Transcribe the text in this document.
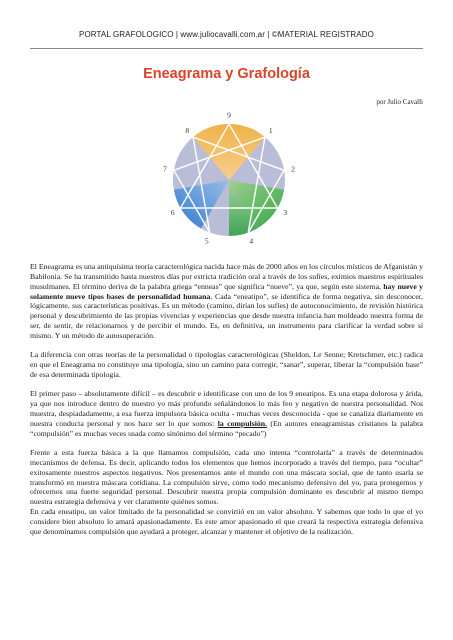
PORTAL GRAFOLOGICO | www.juliocavalli.com.ar | ©MATERIAL REGISTRADO
Eneagrama y Grafología
por Julio Cavalli
9
1
2
3
4
5
6
7
8

El Eneagrama es una antiquísima teoría caracterológica nacida hace más de 2000 años en los círculos místicos de Afganistán y Babilonia. Se ha transmitido hasta nuestros días por estricta tradición oral a través de los sufíes, eximios maestros espirituales musulmanes. El término deriva de la palabra griega “enneas” que significa “nueve”, ya que, según este sistema, hay nueve y solamente nueve tipos bases de personalidad humana. Cada “eneatipo”, se identifica de forma negativa, sin desconocer, lógicamente, sus características positivas. Es un método (camino, dirían los sufíes) de autoconocimiento, de revisión histórica personal y descubrimiento de las propias vivencias y experiencias que desde nuestra infancia han moldeado nuestra forma de ser, de sentir, de relacionarnos y de percibir el mundo. Es, en definitiva, un instrumento para clarificar la verdad sobre sí mismo. Y un método de autosuperación.

La diferencia con otras teorías de la personalidad o tipologías caracterológicas (Sheldon, Le Senne; Kretschmer, etc.) radica en que el Eneagrama no constituye una tipología, sino un camino para corregir, “sanar”, superar, liberar la “compulsión base” de esa determinada tipología.

El primer paso – absolutamente difícil – es descubrir e identificase con uno de los 9 eneatipos. Es una etapa dolorosa y árida, ya que nos introduce dentro de nuestro yo más profundo señalándonos lo más feo y negativo de nuestra personalidad. Nos muestra, despiadadamente, a esa fuerza impulsora básica oculta - muchas veces desconocida - que se canaliza diariamente en nuestra conducta personal y nos hace ser lo que somos: la compulsión. (En autores eneagramistas cristianos la palabra “compulsión” es muchas veces usada como sinónimo del término “pecado”)

Frente a esta fuerza básica a la que llamamos compulsión, cada uno intenta “controlarla” a través de determinados mecanismos de defensa. Es decir, aplicando todos los elementos que hemos incorporado a través del tiempo, para “ocultar” exitosamente nuestros aspectos negativos. Nos presentamos ante el mundo con una máscara social, que de tanto usarla se transformó en nuestra máscara cotidiana. La compulsión sirve, como todo mecanismo defensivo del yo, para protegernos y ofrecernos una fuerte seguridad personal. Descubrir nuestra propia compulsión dominante es descubrir al mismo tiempo nuestra estrategia defensiva y ver claramente quiénes somos.

En cada eneatipo, un valor limitado de la personalidad se convirtió en un valor absoluto. Y sabemos que todo lo que el yo considere bien absoluto lo amará apasionadamente. Es este amor apasionado el que creará la respectiva estrategia defensiva que denominamos compulsión que ayudará a proteger, alcanzar y mantener el objetivo de la realización.
